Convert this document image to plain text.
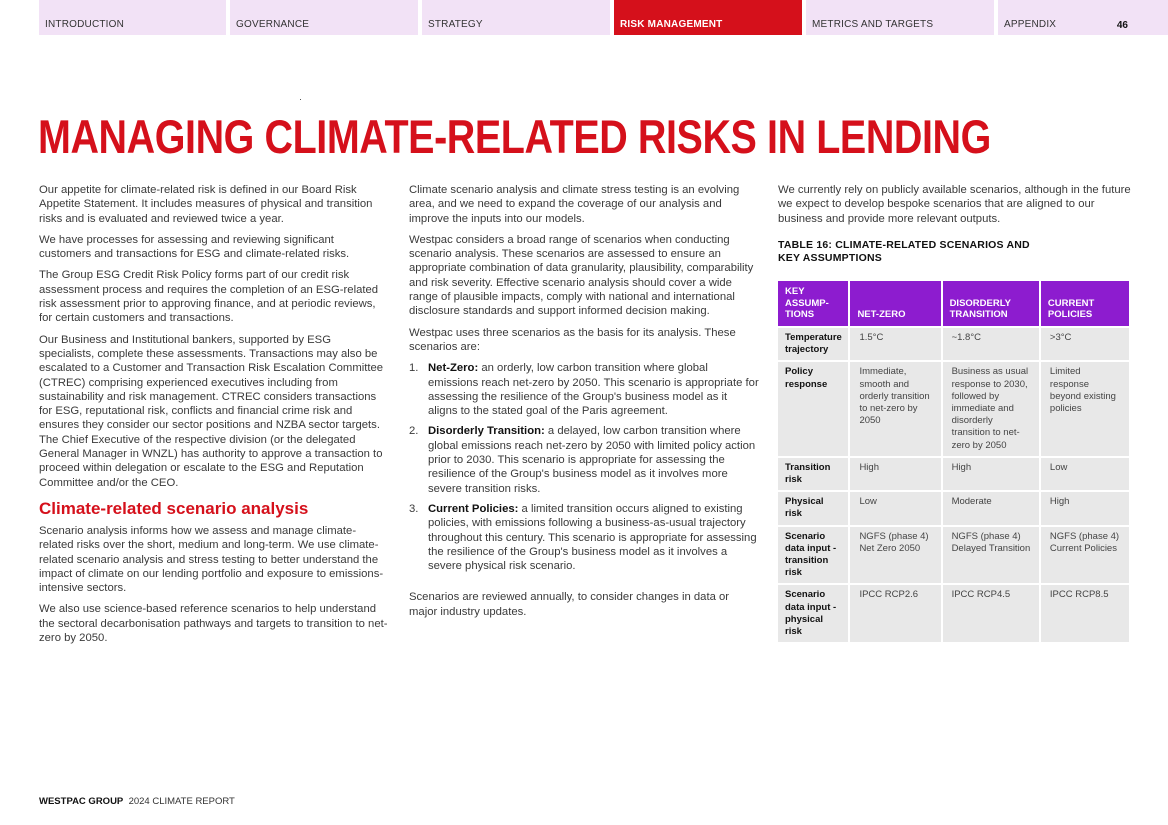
INTRODUCTION	GOVERNANCE	STRATEGY	RISK MANAGEMENT	METRICS AND TARGETS	APPENDIX	46
MANAGING CLIMATE-RELATED RISKS IN LENDING

Our appetite for climate-related risk is defined in our Board Risk Appetite Statement. It includes measures of physical and transition risks and is evaluated and reviewed twice a year.

We have processes for assessing and reviewing significant customers and transactions for ESG and climate-related risks.

The Group ESG Credit Risk Policy forms part of our credit risk assessment process and requires the completion of an ESG-related risk assessment prior to approving finance, and at periodic reviews, for certain customers and transactions.

Our Business and Institutional bankers, supported by ESG specialists, complete these assessments. Transactions may also be escalated to a Customer and Transaction Risk Escalation Committee (CTREC) comprising experienced executives including from sustainability and risk management. CTREC considers transactions for ESG, reputational risk, conflicts and financial crime risk and ensures they consider our sector positions and NZBA sector targets. The Chief Executive of the respective division (or the delegated General Manager in WNZL) has authority to approve a transaction to proceed within delegation or escalate to the ESG and Reputation Committee and/or the CEO.

Climate-related scenario analysis

Scenario analysis informs how we assess and manage climate-related risks over the short, medium and long-term. We use climate-related scenario analysis and stress testing to better understand the impact of climate on our lending portfolio and exposure to emissions-intensive sectors.

We also use science-based reference scenarios to help understand the sectoral decarbonisation pathways and targets to transition to net-zero by 2050.

Climate scenario analysis and climate stress testing is an evolving area, and we need to expand the coverage of our analysis and improve the inputs into our models.

Westpac considers a broad range of scenarios when conducting scenario analysis. These scenarios are assessed to ensure an appropriate combination of data granularity, plausibility, comparability and risk severity. Effective scenario analysis should cover a wide range of plausible impacts, comply with national and international disclosure standards and support informed decision making.

Westpac uses three scenarios as the basis for its analysis. These scenarios are:

1. Net-Zero: an orderly, low carbon transition where global emissions reach net-zero by 2050. This scenario is appropriate for assessing the resilience of the Group's business model as it aligns to the stated goal of the Paris agreement.
2. Disorderly Transition: a delayed, low carbon transition where global emissions reach net-zero by 2050 with limited policy action prior to 2030. This scenario is appropriate for assessing the resilience of the Group's business model as it involves more severe transition risks.
3. Current Policies: a limited transition occurs aligned to existing policies, with emissions following a business-as-usual trajectory throughout this century. This scenario is appropriate for assessing the resilience of the Group's business model as it involves a severe physical risk scenario.

Scenarios are reviewed annually, to consider changes in data or major industry updates.

We currently rely on publicly available scenarios, although in the future we expect to develop bespoke scenarios that are aligned to our business and provide more relevant outputs.

TABLE 16: CLIMATE-RELATED SCENARIOS AND
KEY ASSUMPTIONS
KEY ASSUMP-TIONS	NET-ZERO	DISORDERLY TRANSITION	CURRENT POLICIES
Temperature trajectory	1.5°C	~1.8°C	>3°C
Policy response	Immediate, smooth and orderly transition to net-zero by 2050	Business as usual response to 2030, followed by immediate and disorderly transition to net-zero by 2050	Limited response beyond existing policies
Transition risk	High	High	Low
Physical risk	Low	Moderate	High
Scenario data input - transition risk	NGFS (phase 4) Net Zero 2050	NGFS (phase 4) Delayed Transition	NGFS (phase 4) Current Policies
Scenario data input - physical risk	IPCC RCP2.6	IPCC RCP4.5	IPCC RCP8.5
WESTPAC GROUP 2024 CLIMATE REPORT
